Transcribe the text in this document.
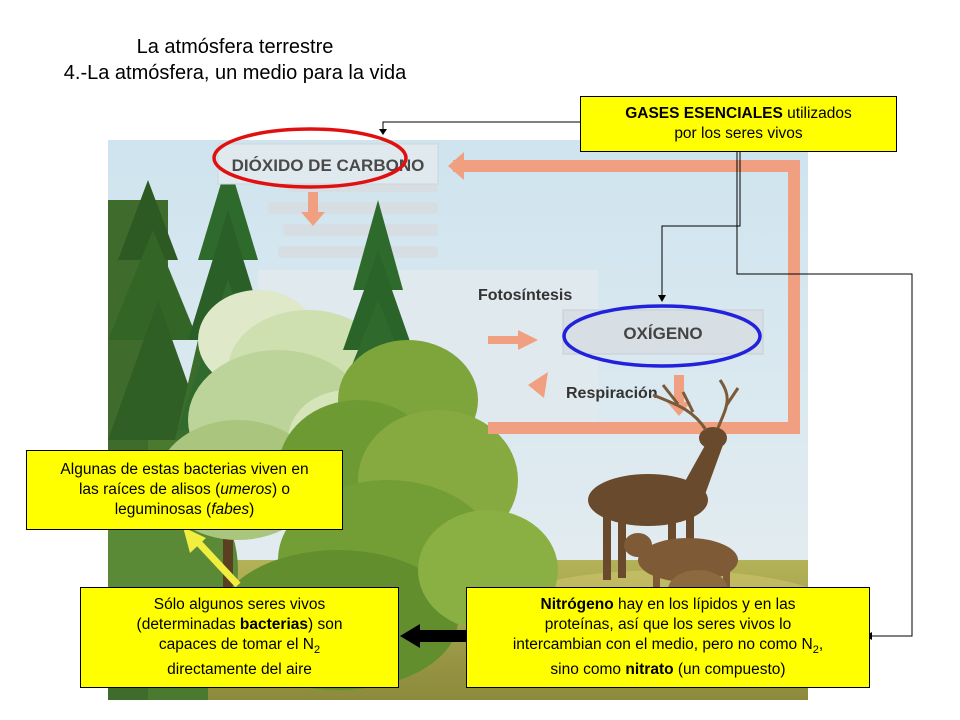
La atmósfera terrestre
4.-La atmósfera, un medio para la vida
DIÓXIDO DE CARBONO
Fotosíntesis
OXÍGENO
Respiración
GASES ESENCIALES utilizados
por los seres vivos
Algunas de estas bacterias viven en
las raíces de alisos (umeros) o
leguminosas (fabes)
Sólo algunos seres vivos
(determinadas bacterias) son
capaces de tomar el $N_2$
directamente del aire
Nitrógeno hay en los lípidos y en las
proteínas, así que los seres vivos lo
intercambian con el medio, pero no como $N_2$,
sino como nitrato (un compuesto)
